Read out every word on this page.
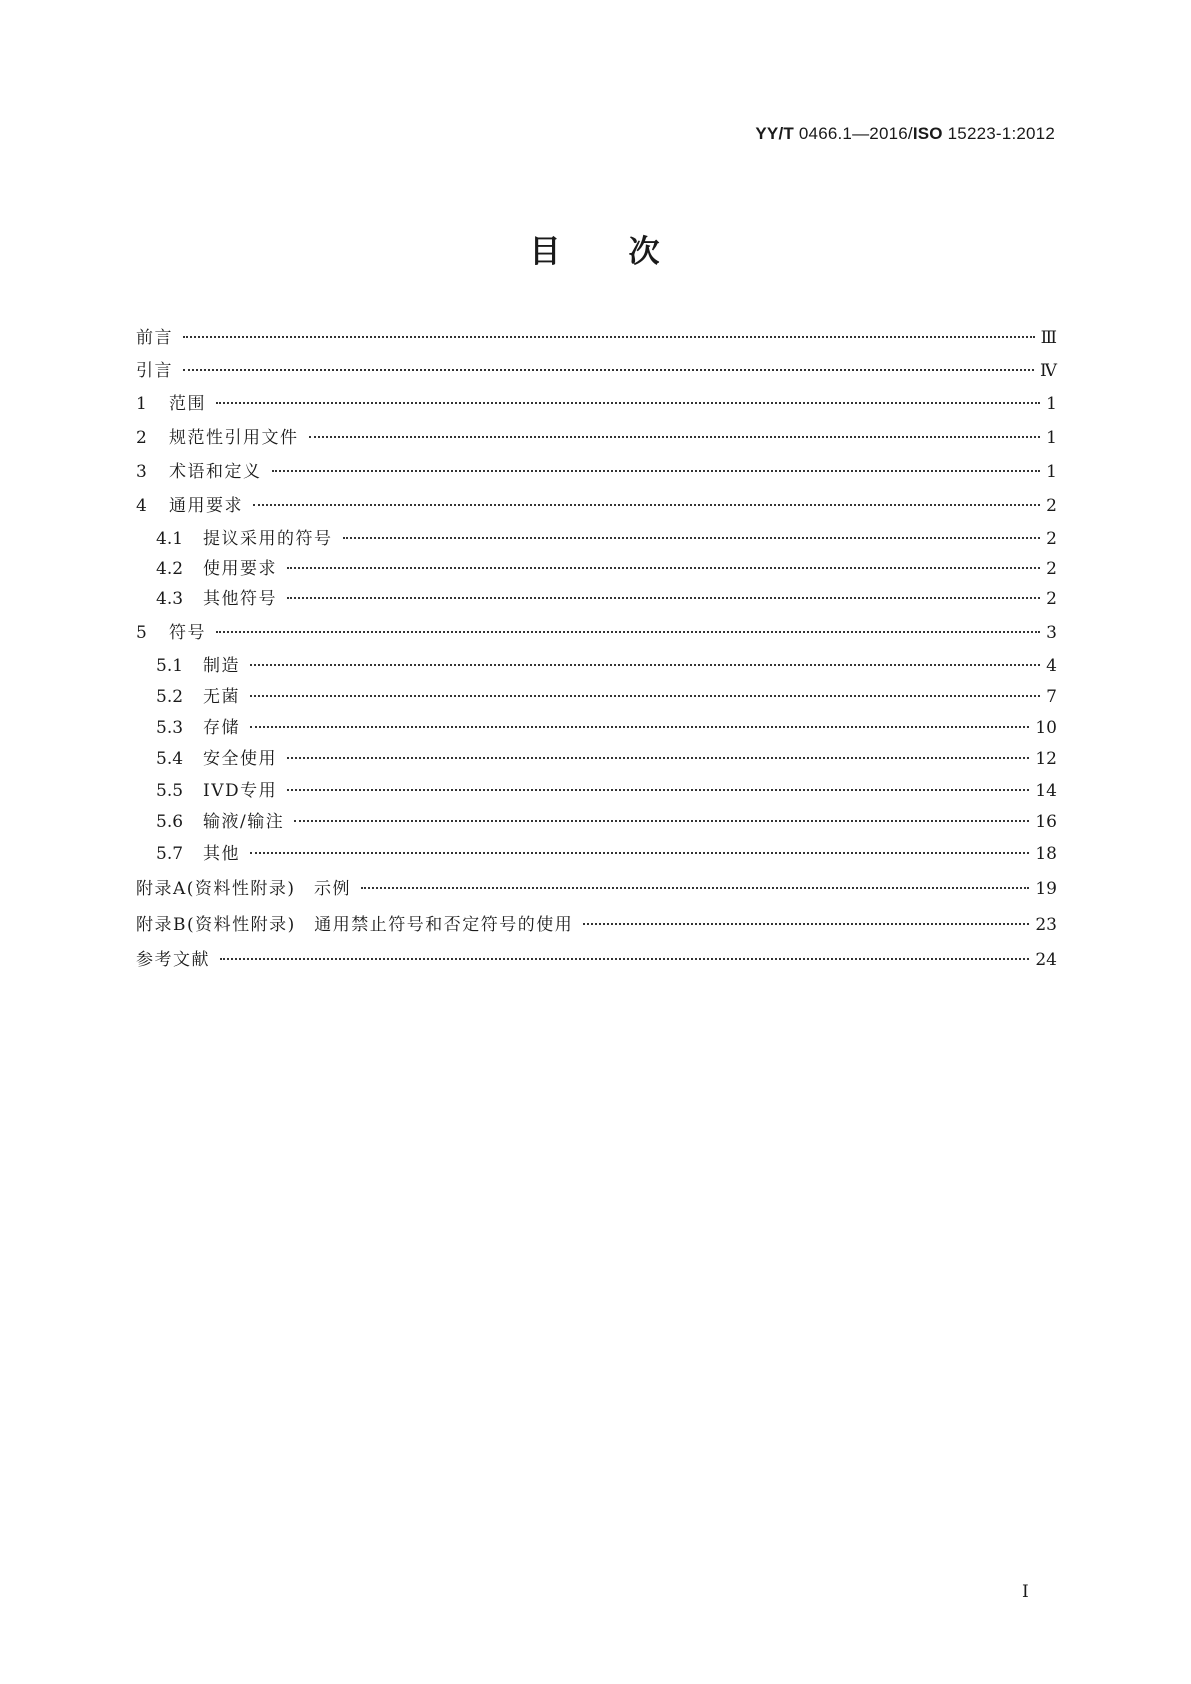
YY/T 0466.1—2016/ISO 15223-1:2012
目 次
前言	Ⅲ
引言	Ⅳ
1	范围	1
2	规范性引用文件	1
3	术语和定义	1
4	通用要求	2
4.1	提议采用的符号	2
4.2	使用要求	2
4.3	其他符号	2
5	符号	3
5.1	制造	4
5.2	无菌	7
5.3	存储	10
5.4	安全使用	12
5.5	IVD专用	14
5.6	输液/输注	16
5.7	其他	18
附录A(资料性附录)　示例	19
附录B(资料性附录)　通用禁止符号和否定符号的使用	23
参考文献	24
I
